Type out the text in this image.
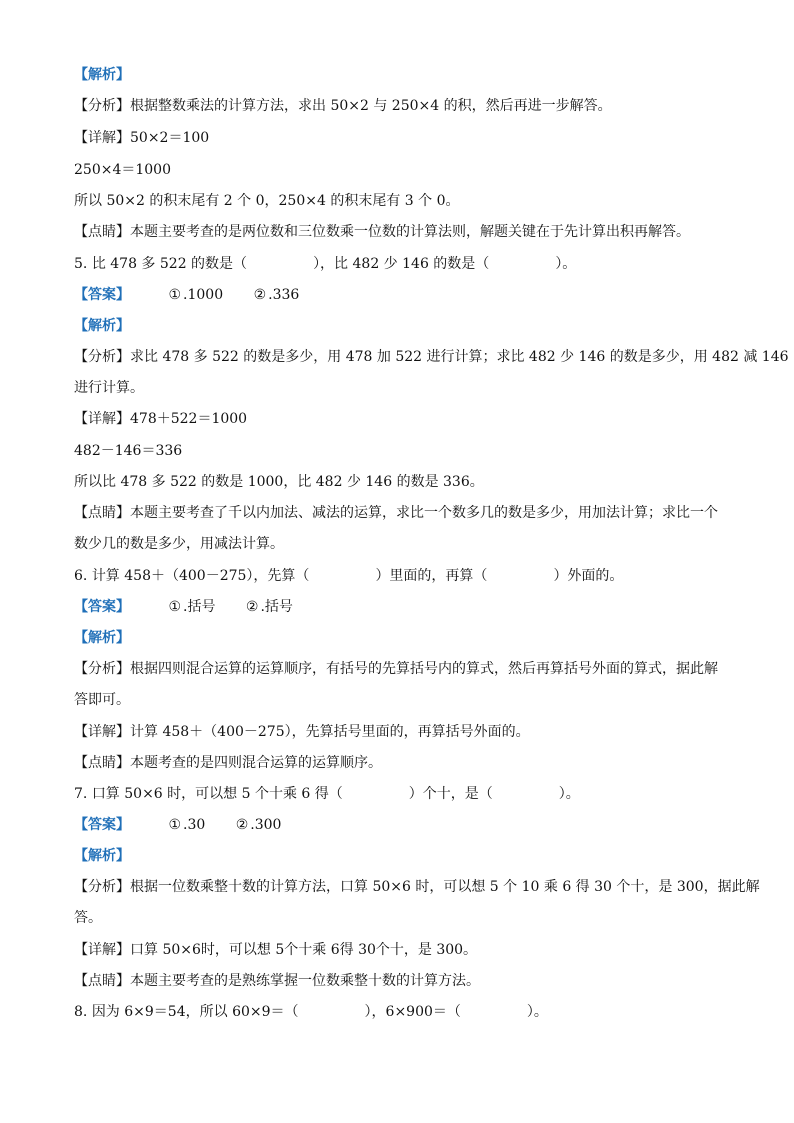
【解析】
【分析】根据整数乘法的计算方法，求出 50×2 与 250×4 的积，然后再进一步解答。
【详解】50×2＝100
250×4＝1000
所以 50×2 的积末尾有 2 个 0，250×4 的积末尾有 3 个 0。
【点睛】本题主要考查的是两位数和三位数乘一位数的计算法则，解题关键在于先计算出积再解答。
5. 比 478 多 522 的数是（	），比 482 少 146 的数是（	）。
【答案】	① .1000 ② .336
【解析】
【分析】求比 478 多 522 的数是多少，用 478 加 522 进行计算；求比 482 少 146 的数是多少，用 482 减 146
进行计算。
【详解】478＋522＝1000
482－146＝336
所以比 478 多 522 的数是 1000，比 482 少 146 的数是 336。
【点睛】本题主要考查了千以内加法、减法的运算，求比一个数多几的数是多少，用加法计算；求比一个
数少几的数是多少，用减法计算。
6. 计算 458＋（400－275），先算（	）里面的，再算（	）外面的。
【答案】	① .括号 ② .括号
【解析】
【分析】根据四则混合运算的运算顺序，有括号的先算括号内的算式，然后再算括号外面的算式，据此解
答即可。
【详解】计算 458＋（400－275），先算括号里面的，再算括号外面的。
【点睛】本题考查的是四则混合运算的运算顺序。
7. 口算 50×6 时，可以想 5 个十乘 6 得（	）个十，是（	）。
【答案】	① .30 ② .300
【解析】
【分析】根据一位数乘整十数的计算方法，口算 50×6 时，可以想 5 个 10 乘 6 得 30 个十，是 300，据此解
答。
【详解】口算 50×6时，可以想 5个十乘 6得 30个十，是 300。
【点睛】本题主要考查的是熟练掌握一位数乘整十数的计算方法。
8. 因为 6×9＝54，所以 60×9＝（	），6×900＝（	）。
